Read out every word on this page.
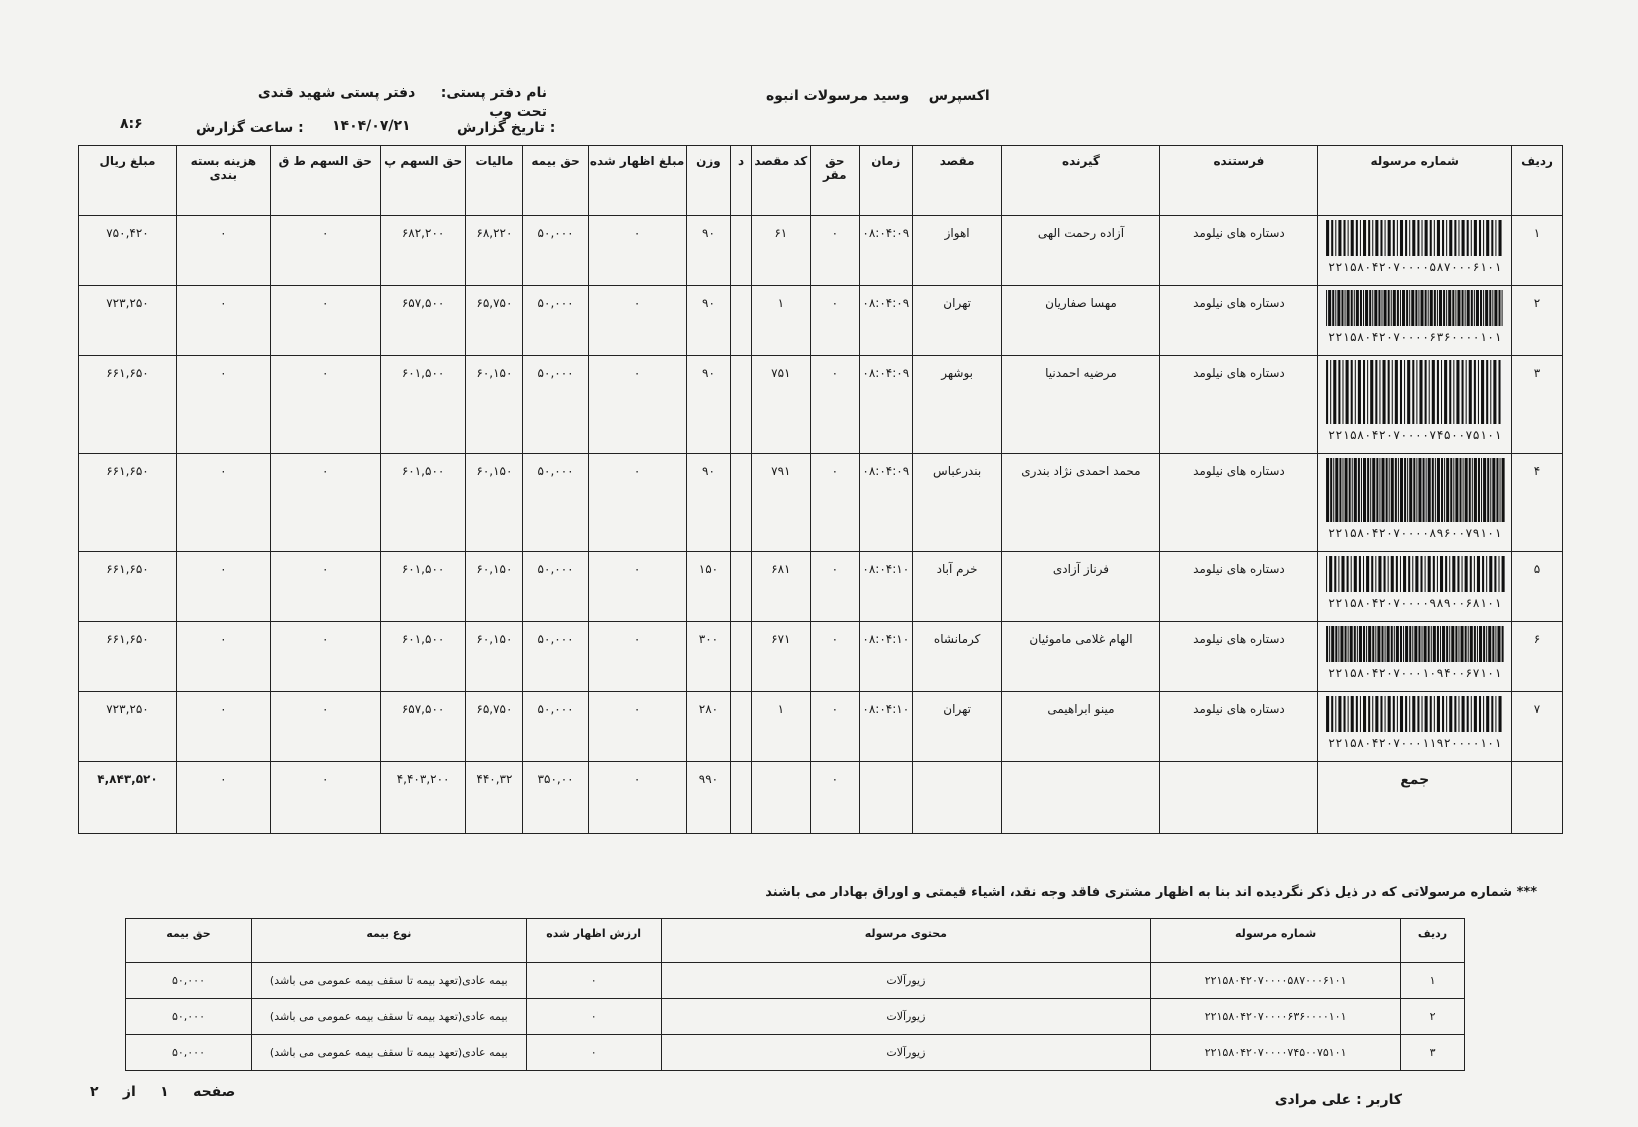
اکسپرس    وسید مرسولات انبوه
نام دفتر پستی:     دفتر پستی شهید قندی تحت وب
تاریخ گزارش :
۱۴۰۴/۰۷/۲۱
ساعت گزارش :
۸:۶
ردیف	شماره مرسوله	فرستنده	گیرنده	مقصد	زمان	حق مقر	کد مقصد	د	وزن	مبلغ اظهار شده	حق بیمه	مالیات	حق السهم پ	حق السهم ط ق	هزینه بسته بندی	مبلغ ریال
۱	۲۲۱۵۸۰۴۲۰۷۰۰۰۰۵۸۷۰۰۰۶۱۰۱	دستاره های نیلومد	آزاده رحمت الهی	اهواز	۰۸:۰۴:۰۹	۰	۶۱		۹۰	۰	۵۰,۰۰۰	۶۸,۲۲۰	۶۸۲,۲۰۰	۰	۰	۷۵۰,۴۲۰
۲	۲۲۱۵۸۰۴۲۰۷۰۰۰۰۶۳۶۰۰۰۰۱۰۱	دستاره های نیلومد	مهسا صفاریان	تهران	۰۸:۰۴:۰۹	۰	۱		۹۰	۰	۵۰,۰۰۰	۶۵,۷۵۰	۶۵۷,۵۰۰	۰	۰	۷۲۳,۲۵۰
۳	۲۲۱۵۸۰۴۲۰۷۰۰۰۰۷۴۵۰۰۷۵۱۰۱	دستاره های نیلومد	مرضیه احمدنیا	بوشهر	۰۸:۰۴:۰۹	۰	۷۵۱		۹۰	۰	۵۰,۰۰۰	۶۰,۱۵۰	۶۰۱,۵۰۰	۰	۰	۶۶۱,۶۵۰
۴	۲۲۱۵۸۰۴۲۰۷۰۰۰۰۸۹۶۰۰۷۹۱۰۱	دستاره های نیلومد	محمد احمدی نژاد بندری	بندرعباس	۰۸:۰۴:۰۹	۰	۷۹۱		۹۰	۰	۵۰,۰۰۰	۶۰,۱۵۰	۶۰۱,۵۰۰	۰	۰	۶۶۱,۶۵۰
۵	۲۲۱۵۸۰۴۲۰۷۰۰۰۰۹۸۹۰۰۶۸۱۰۱	دستاره های نیلومد	فرناز آزادی	خرم آباد	۰۸:۰۴:۱۰	۰	۶۸۱		۱۵۰	۰	۵۰,۰۰۰	۶۰,۱۵۰	۶۰۱,۵۰۰	۰	۰	۶۶۱,۶۵۰
۶	۲۲۱۵۸۰۴۲۰۷۰۰۰۱۰۹۴۰۰۶۷۱۰۱	دستاره های نیلومد	الهام غلامی ماموئیان	کرمانشاه	۰۸:۰۴:۱۰	۰	۶۷۱		۳۰۰	۰	۵۰,۰۰۰	۶۰,۱۵۰	۶۰۱,۵۰۰	۰	۰	۶۶۱,۶۵۰
۷	۲۲۱۵۸۰۴۲۰۷۰۰۰۱۱۹۲۰۰۰۰۱۰۱	دستاره های نیلومد	مینو ابراهیمی	تهران	۰۸:۰۴:۱۰	۰	۱		۲۸۰	۰	۵۰,۰۰۰	۶۵,۷۵۰	۶۵۷,۵۰۰	۰	۰	۷۲۳,۲۵۰
	جمع					۰			۹۹۰	۰	۳۵۰,۰۰	۴۴۰,۳۲	۴,۴۰۳,۲۰۰	۰	۰	۴,۸۴۳,۵۲۰
*** شماره مرسولاتی که در ذیل ذکر نگردیده اند بنا به اظهار مشتری فاقد وجه نقد، اشیاء قیمتی و اوراق بهادار می باشند
ردیف	شماره مرسوله	محتوی مرسوله	ارزش اظهار شده	نوع بیمه	حق بیمه
۱	۲۲۱۵۸۰۴۲۰۷۰۰۰۰۵۸۷۰۰۰۶۱۰۱	زیورآلات	۰	بیمه عادی(تعهد بیمه تا سقف بیمه عمومی می باشد)	۵۰,۰۰۰
۲	۲۲۱۵۸۰۴۲۰۷۰۰۰۰۶۳۶۰۰۰۰۱۰۱	زیورآلات	۰	بیمه عادی(تعهد بیمه تا سقف بیمه عمومی می باشد)	۵۰,۰۰۰
۳	۲۲۱۵۸۰۴۲۰۷۰۰۰۰۷۴۵۰۰۷۵۱۰۱	زیورآلات	۰	بیمه عادی(تعهد بیمه تا سقف بیمه عمومی می باشد)	۵۰,۰۰۰
صفحه     ۱     از     ۲	کاربر : علی مرادی
